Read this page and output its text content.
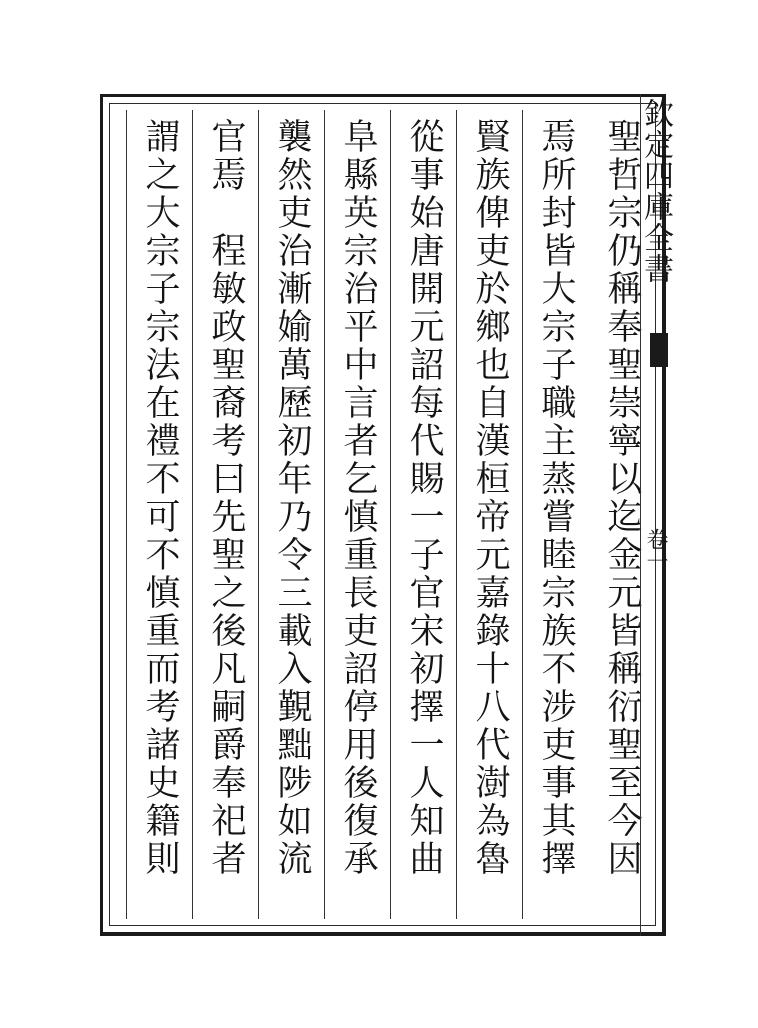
聖哲宗仍稱奉聖崇寧以迄金元皆稱衍聖至今因
焉所封皆大宗子職主蒸嘗睦宗族不涉吏事其擇
賢族俾吏於鄉也自漢桓帝元嘉錄十八代澍為魯
從事始唐開元詔每代賜一子官宋初擇一人知曲
阜縣英宗治平中言者乞慎重長吏詔停用後復承
襲然吏治漸媮萬歷初年乃令三載入覲黜陟如流
官焉　程敏政聖裔考曰先聖之後凡嗣爵奉祀者
謂之大宗子宗法在禮不可不慎重而考諸史籍則	欽定四庫全書
卷一
